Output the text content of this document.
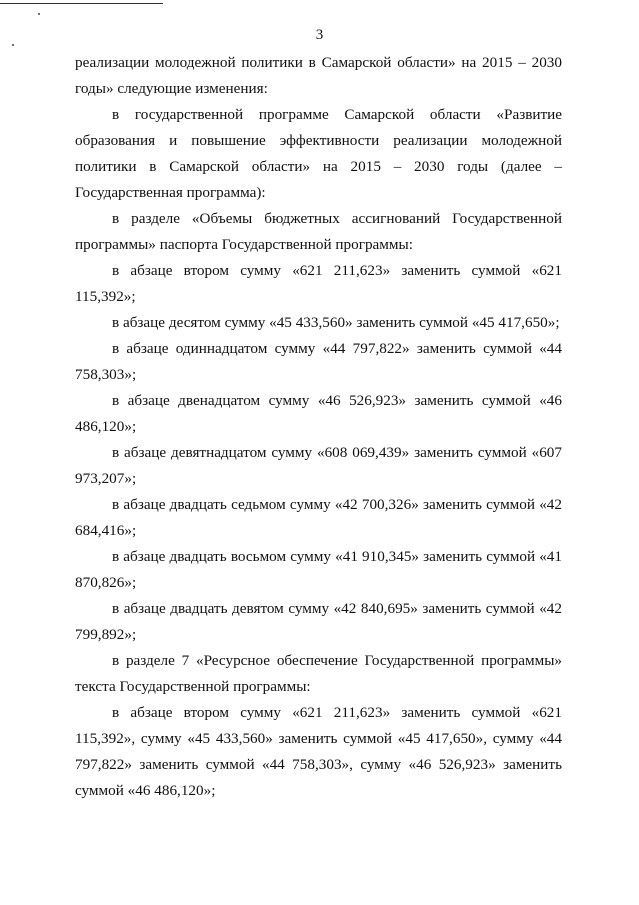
3

реализации молодежной политики в Самарской области» на 2015 – 2030 годы» следующие изменения:

в государственной программе Самарской области «Развитие образования и повышение эффективности реализации молодежной политики в Самарской области» на 2015 – 2030 годы (далее – Государственная программа):

в разделе «Объемы бюджетных ассигнований Государственной программы» паспорта Государственной программы:

в абзаце втором сумму «621 211,623» заменить суммой «621 115,392»;

в абзаце десятом сумму «45 433,560» заменить суммой «45 417,650»;

в абзаце одиннадцатом сумму «44 797,822» заменить суммой «44 758,303»;

в абзаце двенадцатом сумму «46 526,923» заменить суммой «46 486,120»;

в абзаце девятнадцатом сумму «608 069,439» заменить суммой «607 973,207»;

в абзаце двадцать седьмом сумму «42 700,326» заменить суммой «42 684,416»;

в абзаце двадцать восьмом сумму «41 910,345» заменить суммой «41 870,826»;

в абзаце двадцать девятом сумму «42 840,695» заменить суммой «42 799,892»;

в разделе 7 «Ресурсное обеспечение Государственной программы» текста Государственной программы:

в абзаце втором сумму «621 211,623» заменить суммой «621 115,392», сумму «45 433,560» заменить суммой «45 417,650», сумму «44 797,822» заменить суммой «44 758,303», сумму «46 526,923» заменить суммой «46 486,120»;
